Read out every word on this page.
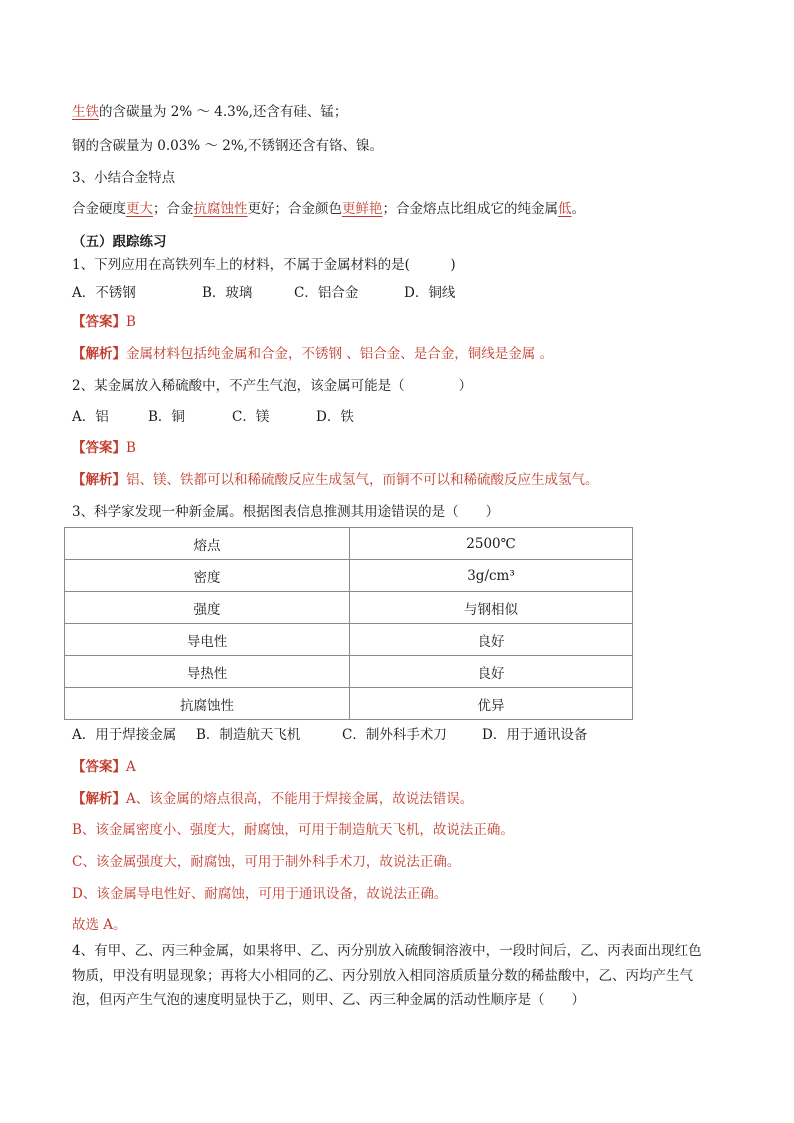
生铁的含碳量为 2% ～ 4.3%,还含有硅、锰；
钢的含碳量为 0.03% ～ 2%,不锈钢还含有铬、镍。
3、小结合金特点
合金硬度更大；合金抗腐蚀性更好；合金颜色更鲜艳；合金熔点比组成它的纯金属低。
（五）跟踪练习
1、下列应用在高铁列车上的材料，不属于金属材料的是(　　　)
A．不锈钢	B．玻璃	C．铝合金	D．铜线
【答案】B
【解析】金属材料包括纯金属和合金，不锈钢 、铝合金、是合金，铜线是金属 。
2、某金属放入稀硫酸中，不产生气泡，该金属可能是（　　　　）
A．铝	B．铜	C．镁	D．铁
【答案】B
【解析】铝、镁、铁都可以和稀硫酸反应生成氢气，而铜不可以和稀硫酸反应生成氢气。
3、科学家发现一种新金属。根据图表信息推测其用途错误的是（　　）
熔点	2500℃
密度	3g/cm³
强度	与钢相似
导电性	良好
导热性	良好
抗腐蚀性	优异
A．用于焊接金属 B．制造航天飞机	C．制外科手术刀	D．用于通讯设备
【答案】A
【解析】A、该金属的熔点很高，不能用于焊接金属，故说法错误。
B、该金属密度小、强度大，耐腐蚀，可用于制造航天飞机，故说法正确。
C、该金属强度大，耐腐蚀，可用于制外科手术刀，故说法正确。
D、该金属导电性好、耐腐蚀，可用于通讯设备，故说法正确。
故选 A。
4、有甲、乙、丙三种金属，如果将甲、乙、丙分别放入硫酸铜溶液中，一段时间后，乙、丙表面出现红色
物质，甲没有明显现象；再将大小相同的乙、丙分别放入相同溶质质量分数的稀盐酸中，乙、丙均产生气
泡，但丙产生气泡的速度明显快于乙，则甲、乙、丙三种金属的活动性顺序是（　　）
